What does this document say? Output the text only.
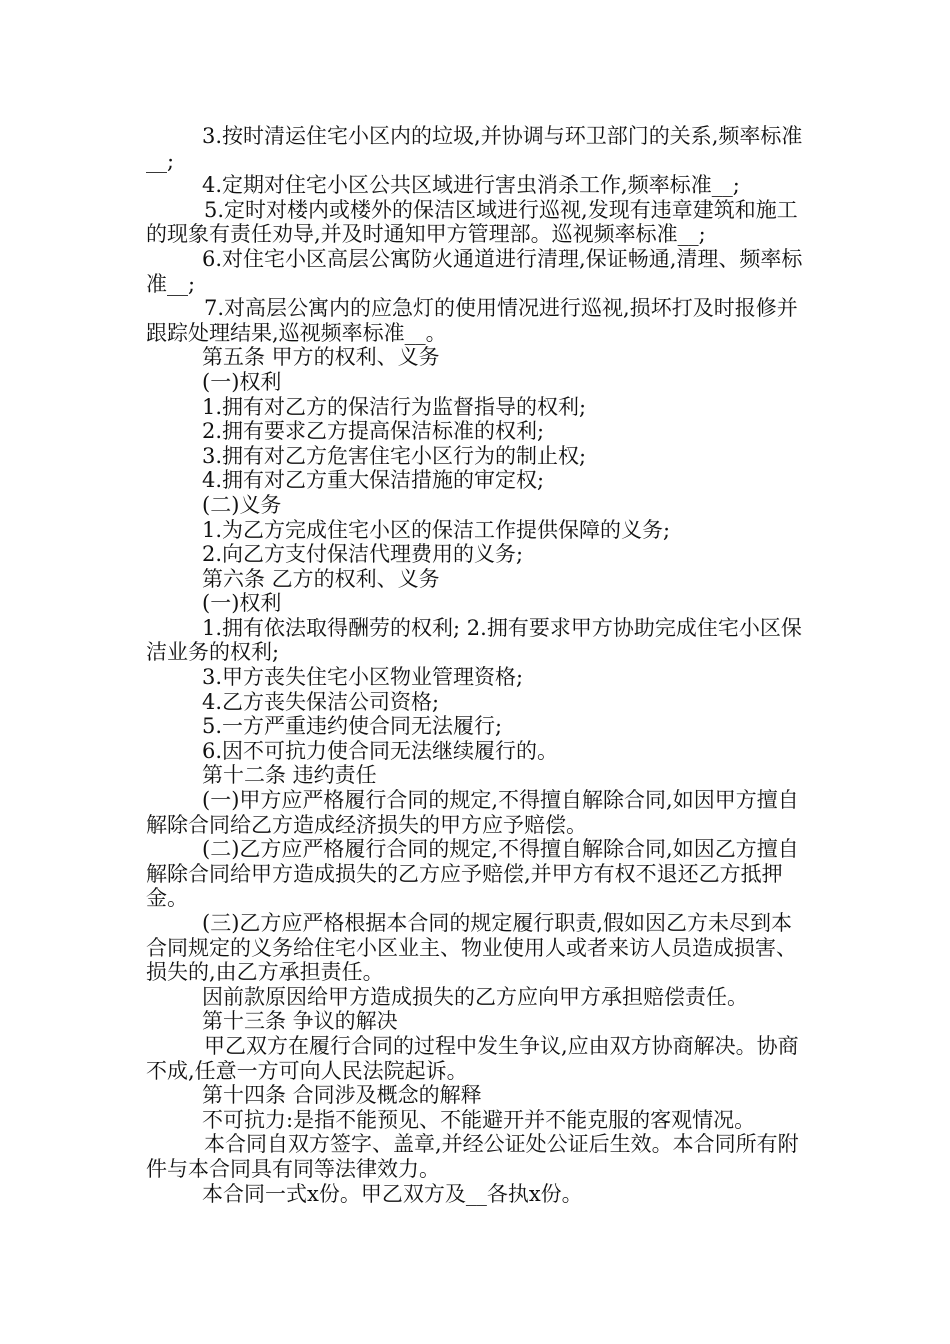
3.按时清运住宅小区内的垃圾,并协调与环卫部门的关系,频率标准__;

4.定期对住宅小区公共区域进行害虫消杀工作,频率标准__;

5.定时对楼内或楼外的保洁区域进行巡视,发现有违章建筑和施工的现象有责任劝导,并及时通知甲方管理部。巡视频率标准__;

6.对住宅小区高层公寓防火通道进行清理,保证畅通,清理、频率标准__;

7.对高层公寓内的应急灯的使用情况进行巡视,损坏打及时报修并跟踪处理结果,巡视频率标准__。

第五条 甲方的权利、义务

(一)权利

1.拥有对乙方的保洁行为监督指导的权利;

2.拥有要求乙方提高保洁标准的权利;

3.拥有对乙方危害住宅小区行为的制止权;

4.拥有对乙方重大保洁措施的审定权;

(二)义务

1.为乙方完成住宅小区的保洁工作提供保障的义务;

2.向乙方支付保洁代理费用的义务;

第六条 乙方的权利、义务

(一)权利

1.拥有依法取得酬劳的权利; 2.拥有要求甲方协助完成住宅小区保洁业务的权利;

3.甲方丧失住宅小区物业管理资格;

4.乙方丧失保洁公司资格;

5.一方严重违约使合同无法履行;

6.因不可抗力使合同无法继续履行的。

第十二条 违约责任

(一)甲方应严格履行合同的规定,不得擅自解除合同,如因甲方擅自解除合同给乙方造成经济损失的甲方应予赔偿。

(二)乙方应严格履行合同的规定,不得擅自解除合同,如因乙方擅自解除合同给甲方造成损失的乙方应予赔偿,并甲方有权不退还乙方抵押金。

(三)乙方应严格根据本合同的规定履行职责,假如因乙方未尽到本合同规定的义务给住宅小区业主、物业使用人或者来访人员造成损害、损失的,由乙方承担责任。

因前款原因给甲方造成损失的乙方应向甲方承担赔偿责任。

第十三条 争议的解决

甲乙双方在履行合同的过程中发生争议,应由双方协商解决。协商不成,任意一方可向人民法院起诉。

第十四条 合同涉及概念的解释

不可抗力:是指不能预见、不能避开并不能克服的客观情况。

本合同自双方签字、盖章,并经公证处公证后生效。本合同所有附件与本合同具有同等法律效力。

本合同一式x份。甲乙双方及__各执x份。
